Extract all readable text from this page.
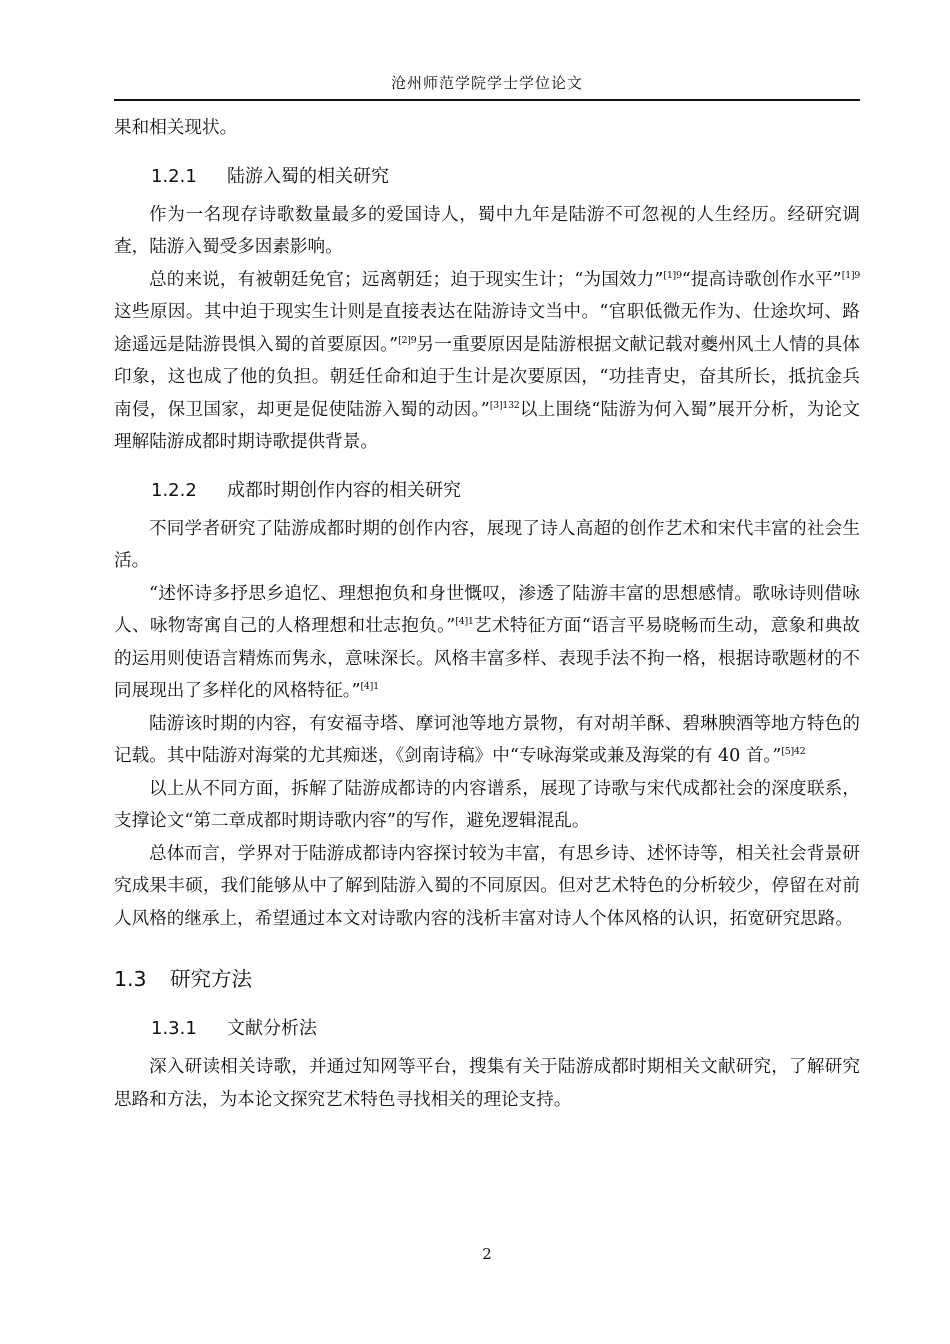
沧州师范学院学士学位论文

果和相关现状。

1.2.1 陆游入蜀的相关研究

作为一名现存诗歌数量最多的爱国诗人，蜀中九年是陆游不可忽视的人生经历。经研究调查，陆游入蜀受多因素影响。

总的来说，有被朝廷免官；远离朝廷；迫于现实生计；“为国效力”$^{[1]9}$“提高诗歌创作水平”$^{[1]9}$这些原因。其中迫于现实生计则是直接表达在陆游诗文当中。“官职低微无作为、仕途坎坷、路途遥远是陆游畏惧入蜀的首要原因。”$^{[2]9}$另一重要原因是陆游根据文献记载对夔州风土人情的具体印象，这也成了他的负担。朝廷任命和迫于生计是次要原因，“功挂青史，奋其所长，抵抗金兵南侵，保卫国家，却更是促使陆游入蜀的动因。”$^{[3]132}$以上围绕“陆游为何入蜀”展开分析，为论文理解陆游成都时期诗歌提供背景。

1.2.2 成都时期创作内容的相关研究

不同学者研究了陆游成都时期的创作内容，展现了诗人高超的创作艺术和宋代丰富的社会生活。

“述怀诗多抒思乡追忆、理想抱负和身世慨叹，渗透了陆游丰富的思想感情。歌咏诗则借咏人、咏物寄寓自己的人格理想和壮志抱负。”$^{[4]1}$艺术特征方面“语言平易晓畅而生动，意象和典故的运用则使语言精炼而隽永，意味深长。风格丰富多样、表现手法不拘一格，根据诗歌题材的不同展现出了多样化的风格特征。”$^{[4]1}$

陆游该时期的内容，有安福寺塔、摩诃池等地方景物，有对胡羊酥、碧琳腴酒等地方特色的记载。其中陆游对海棠的尤其痴迷，《剑南诗稿》中“专咏海棠或兼及海棠的有 40 首。”$^{[5]42}$

以上从不同方面，拆解了陆游成都诗的内容谱系，展现了诗歌与宋代成都社会的深度联系，支撑论文“第二章成都时期诗歌内容”的写作，避免逻辑混乱。

总体而言，学界对于陆游成都诗内容探讨较为丰富，有思乡诗、述怀诗等，相关社会背景研究成果丰硕，我们能够从中了解到陆游入蜀的不同原因。但对艺术特色的分析较少，停留在对前人风格的继承上，希望通过本文对诗歌内容的浅析丰富对诗人个体风格的认识，拓宽研究思路。

1.3 研究方法
1.3.1 文献分析法

深入研读相关诗歌，并通过知网等平台，搜集有关于陆游成都时期相关文献研究，了解研究思路和方法，为本论文探究艺术特色寻找相关的理论支持。

2
